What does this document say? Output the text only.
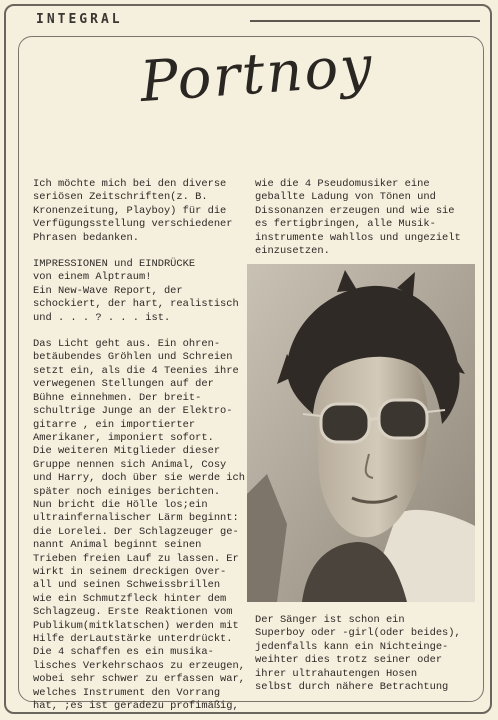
INTEGRAL
Portnoy
Ich möchte mich bei den diverse
seriösen Zeitschriften(z. B.
Kronenzeitung, Playboy) für die
Verfügungsstellung verschiedener
Phrasen bedanken.
IMPRESSIONEN und EINDRÜCKE
von einem Alptraum!
Ein New-Wave Report, der
schockiert, der hart, realistisch
und . . . ? . . . ist.
Das Licht geht aus. Ein ohren-
betäubendes Gröhlen und Schreien
setzt ein, als die 4 Teenies ihre
verwegenen Stellungen auf der
Bühne einnehmen. Der breit-
schultrige Junge an der Elektro-
gitarre , ein importierter
Amerikaner, imponiert sofort.
Die weiteren Mitglieder dieser
Gruppe nennen sich Animal, Cosy
und Harry, doch über sie werde ich
später noch einiges berichten.
Nun bricht die Hölle los;ein
ultrainfernalischer Lärm beginnt:
die Lorelei. Der Schlagzeuger ge-
nannt Animal beginnt seinen
Trieben freien Lauf zu lassen. Er
wirkt in seinem dreckigen Over-
all und seinen Schweissbrillen
wie ein Schmutzfleck hinter dem
Schlagzeug. Erste Reaktionen vom
Publikum(mitklatschen) werden mit
Hilfe derLautstärke unterdrückt.
Die 4 schaffen es ein musika-
lisches Verkehrschaos zu erzeugen,
wobei sehr schwer zu erfassen war,
welches Instrument den Vorrang
hat, ;es ist geradezu profimäßig,
wie die 4 Pseudomusiker eine
geballte Ladung von Tönen und
Dissonanzen erzeugen und wie sie
es fertigbringen, alle Musik-
instrumente wahllos und ungezielt
einzusetzen.
Der Sänger ist schon ein
Superboy oder -girl(oder beides),
jedenfalls kann ein Nichteinge-
weihter dies trotz seiner oder
ihrer ultrahautengen Hosen
selbst durch nähere Betrachtung
